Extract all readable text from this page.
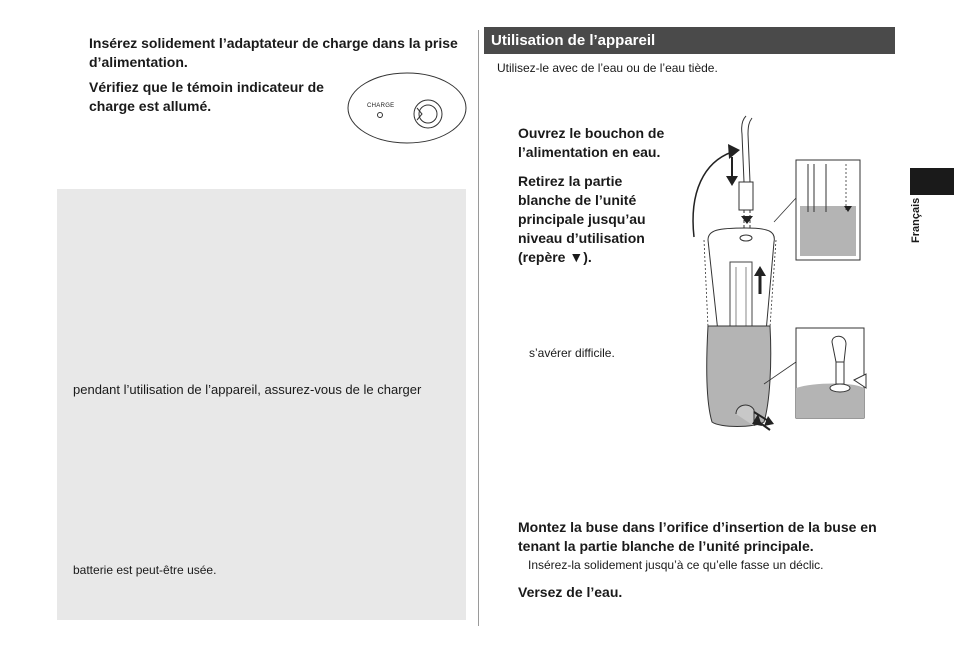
Insérez solidement l’adaptateur de charge dans la prise d’alimentation.
Vérifiez que le témoin indicateur de charge est allumé.	CHARGE
pendant l’utilisation de l’appareil, assurez-vous de le charger
batterie est peut-être usée.
Utilisation de l’appareil
Utilisez-le avec de l’eau ou de l’eau tiède.
Ouvrez le bouchon de l’alimentation en eau.
Retirez la partie blanche de l’unité principale jusqu’au niveau d’utilisation (repère ▼).
s’avérer difficile.
Montez la buse dans l’orifice d’insertion de la buse en tenant la partie blanche de l’unité principale.
Insérez-la solidement jusqu’à ce qu’elle fasse un déclic.
Versez de l’eau.
Français
